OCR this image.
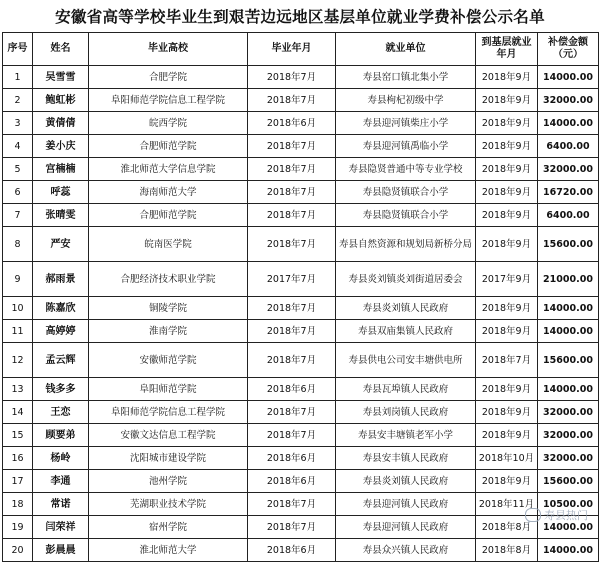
安徽省高等学校毕业生到艰苦边远地区基层单位就业学费补偿公示名单
序号	姓名	毕业高校	毕业年月	就业单位	到基层就业年月	补偿金额（元）
1	吴雪雪	合肥学院	2018年7月	寿县窑口镇北集小学	2018年9月	14000.00
2	鲍虹彬	阜阳师范学院信息工程学院	2018年7月	寿县枸杞初级中学	2018年9月	32000.00
3	黄倩倩	皖西学院	2018年6月	寿县迎河镇柴庄小学	2018年9月	14000.00
4	姜小庆	合肥师范学院	2018年7月	寿县迎河镇禹临小学	2018年9月	6400.00
5	宫楠楠	淮北师范大学信息学院	2018年7月	寿县隐贤普通中等专业学校	2018年9月	32000.00
6	呼蕊	海南师范大学	2018年7月	寿县隐贤镇联合小学	2018年9月	16720.00
7	张晴雯	合肥师范学院	2018年7月	寿县隐贤镇联合小学	2018年9月	6400.00
8	严安	皖南医学院	2018年7月	寿县自然资源和规划局新桥分局	2018年9月	15600.00
9	郝雨景	合肥经济技术职业学院	2017年7月	寿县炎刘镇炎刘街道居委会	2017年9月	21000.00
10	陈嘉欣	铜陵学院	2018年7月	寿县炎刘镇人民政府	2018年9月	14000.00
11	高婷婷	淮南学院	2018年7月	寿县双庙集镇人民政府	2018年9月	14000.00
12	孟云辉	安徽师范学院	2018年7月	寿县供电公司安丰塘供电所	2018年7月	15600.00
13	钱多多	阜阳师范学院	2018年6月	寿县瓦埠镇人民政府	2018年9月	14000.00
14	王恋	阜阳师范学院信息工程学院	2018年7月	寿县刘岗镇人民政府	2018年9月	32000.00
15	顾要弟	安徽文达信息工程学院	2018年7月	寿县安丰塘镇老军小学	2018年9月	32000.00
16	杨岭	沈阳城市建设学院	2018年6月	寿县安丰镇人民政府	2018年10月	32000.00
17	李通	池州学院	2018年6月	寿县炎刘镇人民政府	2018年9月	15600.00
18	常诺	芜湖职业技术学院	2018年7月	寿县迎河镇人民政府	2018年11月	10500.00
19	闫荣祥	宿州学院	2018年7月	寿县迎河镇人民政府	2018年8月	14000.00
20	彭晨晨	淮北师范大学	2018年6月	寿县众兴镇人民政府	2018年8月	14000.00
寿县热门
